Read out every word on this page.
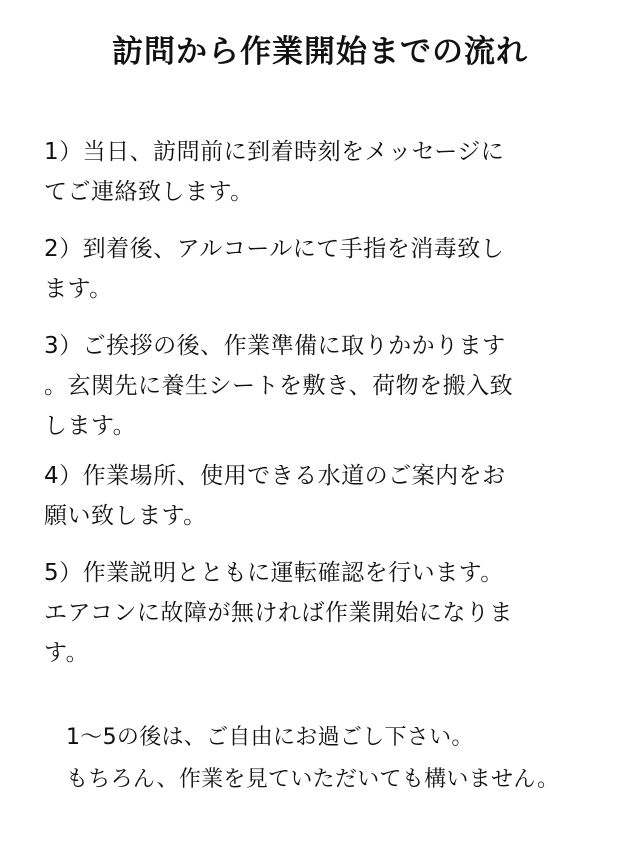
訪問から作業開始までの流れ
1）当日、訪問前に到着時刻をメッセージに
てご連絡致します。
2）到着後、アルコールにて手指を消毒致し
ます。
3）ご挨拶の後、作業準備に取りかかります
。玄関先に養生シートを敷き、荷物を搬入致
します。
4）作業場所、使用できる水道のご案内をお
願い致します。
5）作業説明とともに運転確認を行います。
エアコンに故障が無ければ作業開始になりま
す。
1〜5の後は、ご自由にお過ごし下さい。
もちろん、作業を見ていただいても構いません。
